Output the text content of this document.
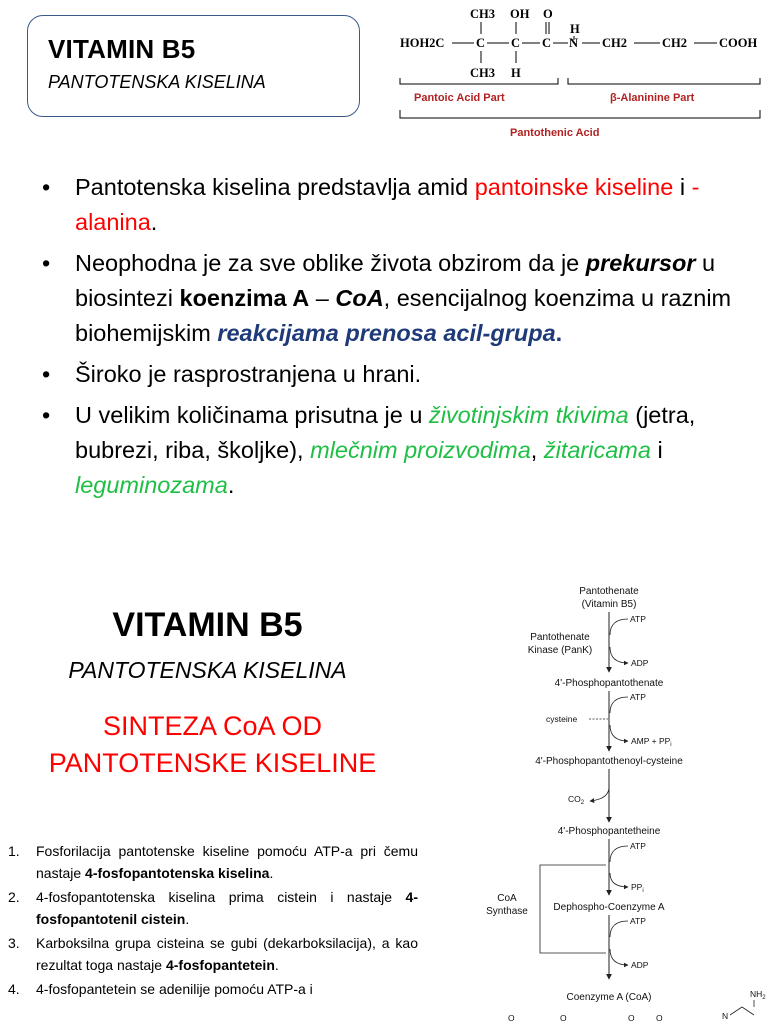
VITAMIN B5
PANTOTENSKA KISELINA
CH3 OH O
H
HOH2C	C C C N CH2	CH2	COOH
CH3 H
Pantoic Acid Part	β-Alaninine Part
Pantothenic Acid
• Pantotenska kiselina predstavlja amid pantoinske kiseline i -alanina.
• Neophodna je za sve oblike života obzirom da je prekursor u biosintezi koenzima A – CoA, esencijalnog koenzima u raznim biohemijskim reakcijama prenosa acil-grupa.
• Široko je rasprostranjena u hrani.
• U velikim količinama prisutna je u životinjskim tkivima (jetra, bubrezi, riba, školjke), mlečnim proizvodima, žitaricama i leguminozama.
VITAMIN B5
PANTOTENSKA KISELINA
SINTEZA CoA OD
PANTOTENSKE KISELINE
1. Fosforilacija pantotenske kiseline pomoću ATP-a pri čemu nastaje 4-fosfopantotenska kiselina.
2. 4-fosfopantotenska kiselina prima cistein i nastaje 4-fosfopantotenil cistein.
3. Karboksilna grupa cisteina se gubi (dekarboksilacija), a kao rezultat toga nastaje 4-fosfopantetein.
4. 4-fosfopantetein se adenilije pomoću ATP-a i
Pantothenate
(Vitamin B5)
ATP
ADP
Pantothenate
Kinase (PanK)
4'-Phosphopantothenate
ATP
cysteine
AMP + $PP_i$
4'-Phosphopantothenoyl-cysteine
$CO_2$
4'-Phosphopantetheine
ATP
$PP_i$
Dephospho-Coenzyme A
ATP
ADP
CoA
Synthase
Coenzyme A (CoA)
O	O	O	O
$NH_2$
N
